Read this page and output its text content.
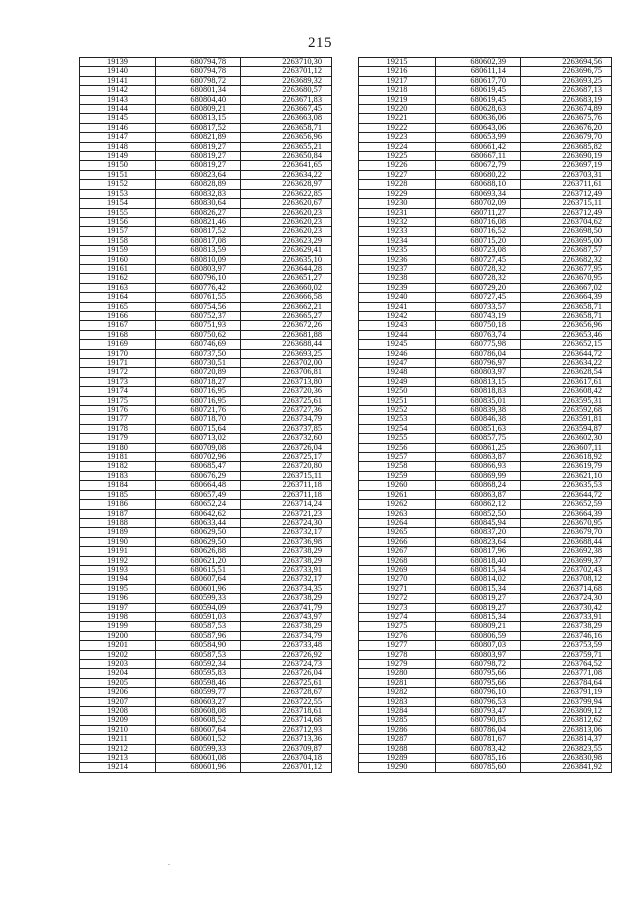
215
19139	680794,78	2263710,30
19140	680794,78	2263701,12
19141	680798,72	2263689,32
19142	680801,34	2263680,57
19143	680804,40	2263671,83
19144	680809,21	2263667,45
19145	680813,15	2263663,08
19146	680817,52	2263658,71
19147	680821,89	2263656,96
19148	680819,27	2263655,21
19149	680819,27	2263650,84
19150	680819,27	2263641,65
19151	680823,64	2263634,22
19152	680828,89	2263628,97
19153	680832,83	2263622,85
19154	680830,64	2263620,67
19155	680826,27	2263620,23
19156	680821,46	2263620,23
19157	680817,52	2263620,23
19158	680817,08	2263623,29
19159	680813,59	2263629,41
19160	680810,09	2263635,10
19161	680803,97	2263644,28
19162	680796,10	2263651,27
19163	680776,42	2263660,02
19164	680761,55	2263666,58
19165	680754,56	2263662,21
19166	680752,37	2263665,27
19167	680751,93	2263672,26
19168	680750,62	2263681,88
19169	680746,69	2263688,44
19170	680737,50	2263693,25
19171	680730,51	2263702,00
19172	680720,89	2263706,81
19173	680718,27	2263713,80
19174	680716,95	2263720,36
19175	680716,95	2263725,61
19176	680721,76	2263727,36
19177	680718,70	2263734,79
19178	680715,64	2263737,85
19179	680713,02	2263732,60
19180	680709,08	2263726,04
19181	680702,96	2263725,17
19182	680685,47	2263720,80
19183	680676,29	2263715,11
19184	680664,48	2263711,18
19185	680657,49	2263711,18
19186	680652,24	2263714,24
19187	680642,62	2263721,23
19188	680633,44	2263724,30
19189	680629,50	2263732,17
19190	680629,50	2263736,98
19191	680626,88	2263738,29
19192	680621,20	2263738,29
19193	680615,51	2263733,91
19194	680607,64	2263732,17
19195	680601,96	2263734,35
19196	680599,33	2263738,29
19197	680594,09	2263741,79
19198	680591,03	2263743,97
19199	680587,53	2263738,29
19200	680587,96	2263734,79
19201	680584,90	2263733,48
19202	680587,53	2263726,92
19203	680592,34	2263724,73
19204	680595,83	2263726,04
19205	680598,46	2263725,61
19206	680599,77	2263728,67
19207	680603,27	2263722,55
19208	680608,08	2263718,61
19209	680608,52	2263714,68
19210	680607,64	2263712,93
19211	680601,52	2263713,36
19212	680599,33	2263709,87
19213	680601,08	2263704,18
19214	680601,96	2263701,12
19215	680602,39	2263694,56
19216	680611,14	2263696,75
19217	680617,70	2263693,25
19218	680619,45	2263687,13
19219	680619,45	2263683,19
19220	680628,63	2263674,89
19221	680636,06	2263675,76
19222	680643,06	2263676,20
19223	680653,99	2263679,70
19224	680661,42	2263685,82
19225	680667,11	2263690,19
19226	680672,79	2263697,19
19227	680680,22	2263703,31
19228	680688,10	2263711,61
19229	680693,34	2263712,49
19230	680702,09	2263715,11
19231	680711,27	2263712,49
19232	680716,08	2263704,62
19233	680716,52	2263698,50
19234	680715,20	2263695,00
19235	680723,08	2263687,57
19236	680727,45	2263682,32
19237	680728,32	2263677,95
19238	680728,32	2263670,95
19239	680729,20	2263667,02
19240	680727,45	2263664,39
19241	680733,57	2263658,71
19242	680743,19	2263658,71
19243	680750,18	2263656,96
19244	680763,74	2263653,46
19245	680775,98	2263652,15
19246	680786,04	2263644,72
19247	680796,97	2263634,22
19248	680803,97	2263628,54
19249	680813,15	2263617,61
19250	680818,83	2263608,42
19251	680835,01	2263595,31
19252	680839,38	2263592,68
19253	680846,38	2263591,81
19254	680851,63	2263594,87
19255	680857,75	2263602,30
19256	680861,25	2263607,11
19257	680863,87	2263618,92
19258	680866,93	2263619,79
19259	680869,99	2263621,10
19260	680868,24	2263635,53
19261	680863,87	2263644,72
19262	680862,12	2263652,59
19263	680852,50	2263664,39
19264	680845,94	2263670,95
19265	680837,20	2263679,70
19266	680823,64	2263688,44
19267	680817,96	2263692,38
19268	680818,40	2263699,37
19269	680815,34	2263702,43
19270	680814,02	2263708,12
19271	680815,34	2263714,68
19272	680819,27	2263724,30
19273	680819,27	2263730,42
19274	680815,34	2263733,91
19275	680809,21	2263738,29
19276	680806,59	2263746,16
19277	680807,03	2263753,59
19278	680803,97	2263759,71
19279	680798,72	2263764,52
19280	680795,66	2263771,08
19281	680795,66	2263784,64
19282	680796,10	2263791,19
19283	680796,53	2263799,94
19284	680793,47	2263809,12
19285	680790,85	2263812,62
19286	680786,04	2263813,06
19287	680781,67	2263814,37
19288	680783,42	2263823,55
19289	680785,16	2263830,98
19290	680785,60	2263841,92
.
